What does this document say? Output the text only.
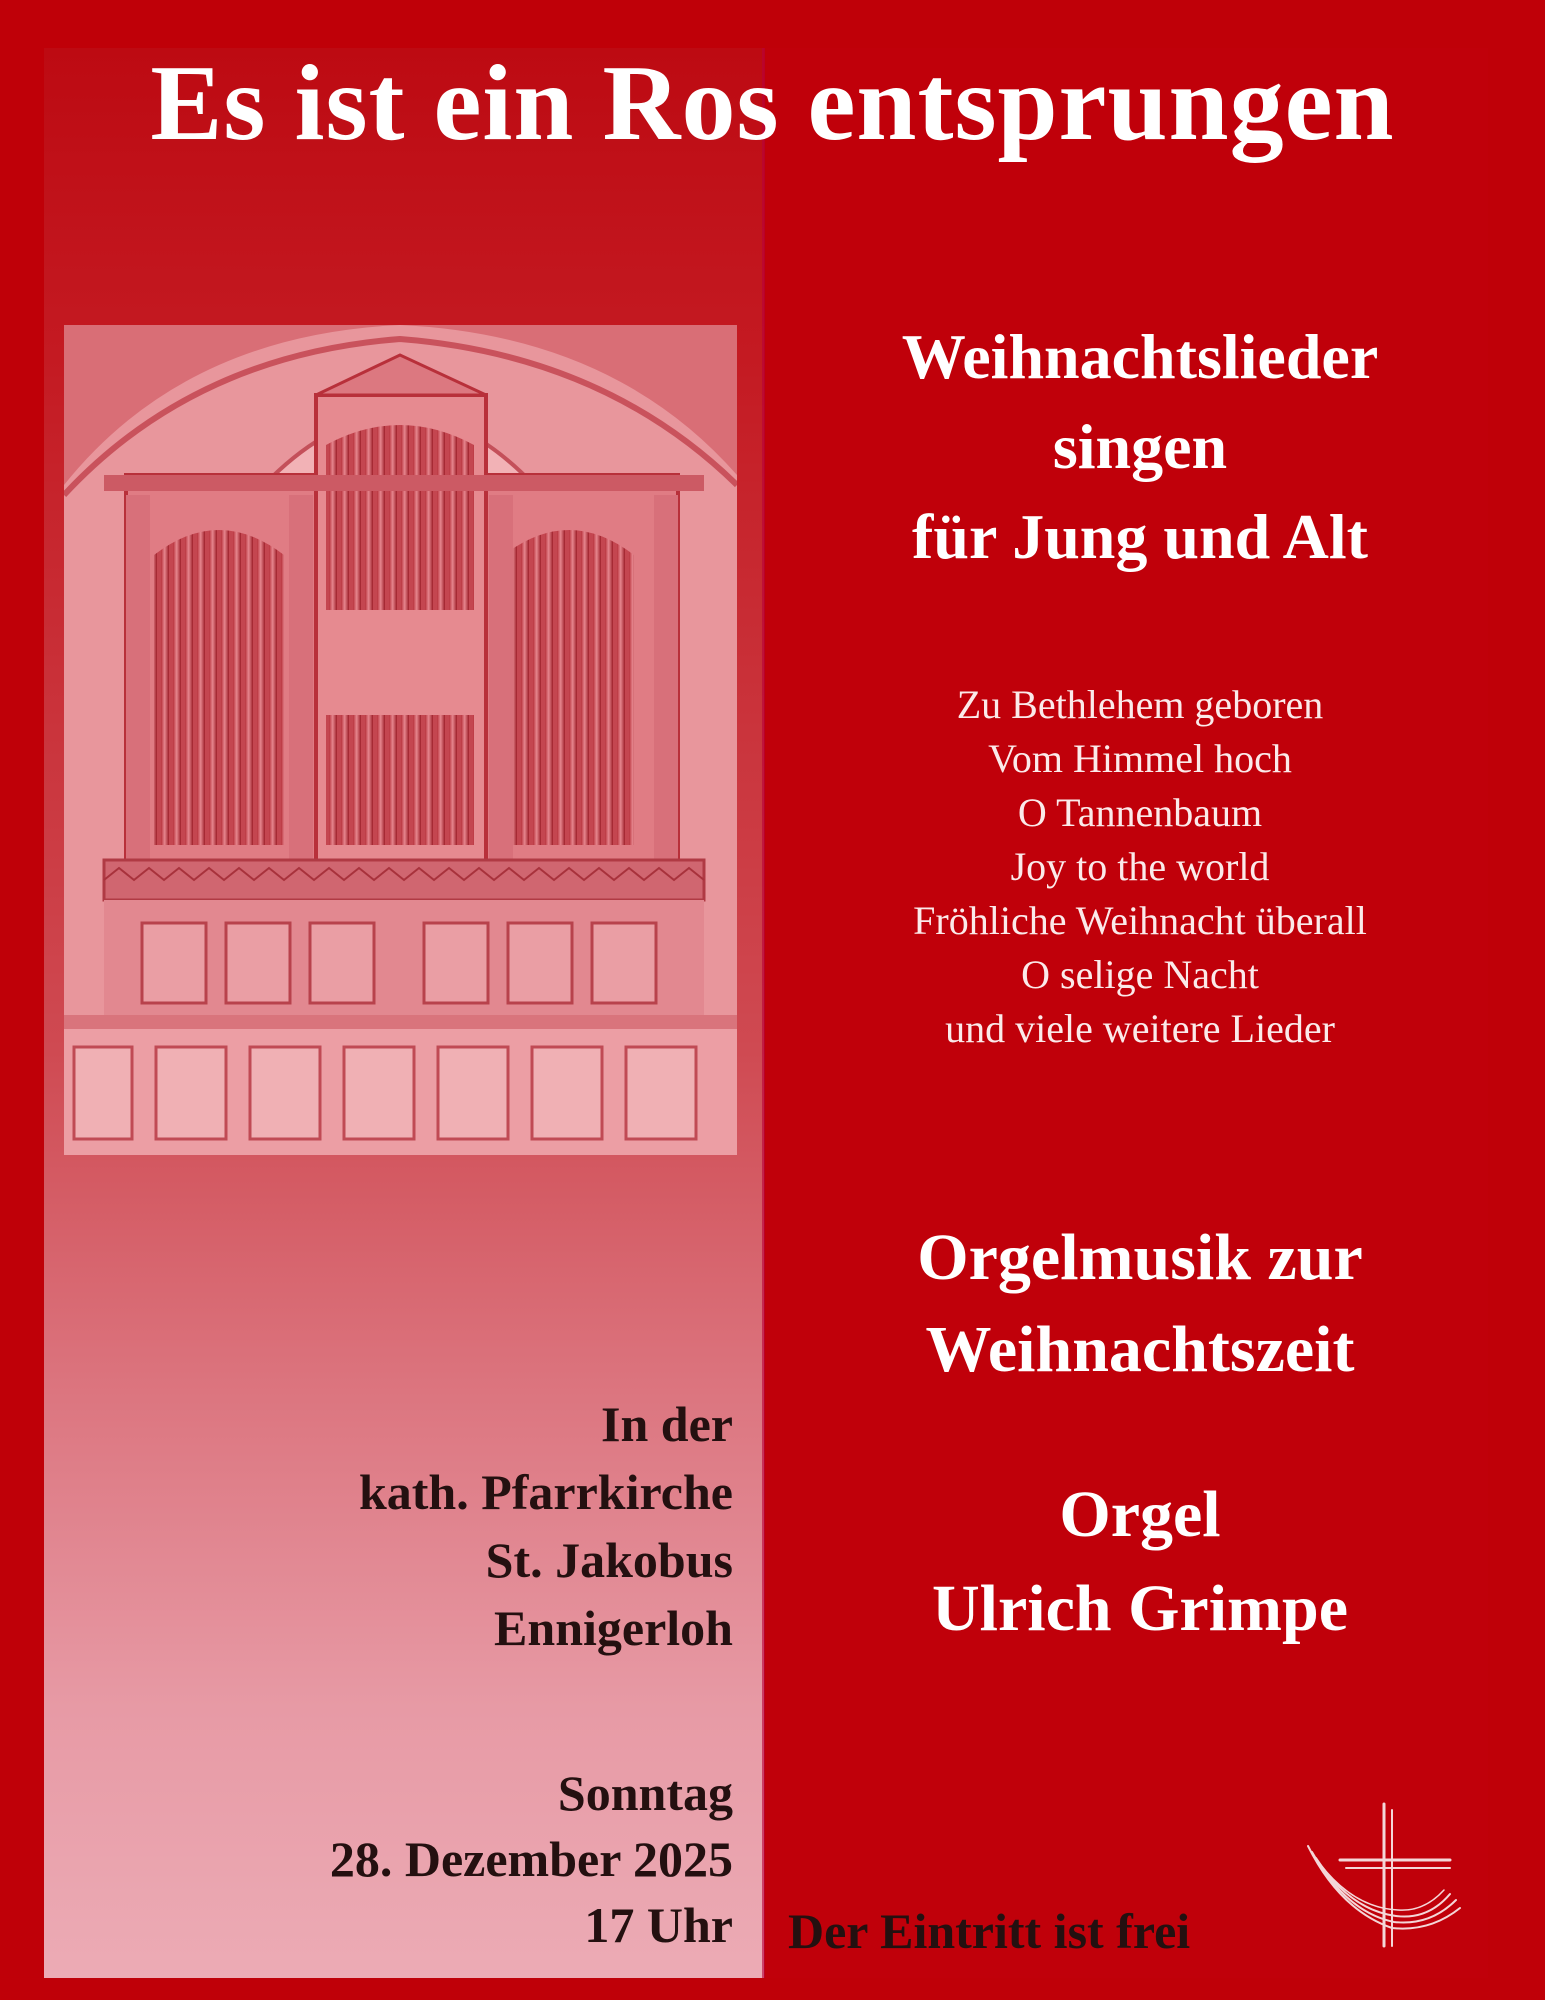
Es ist ein Ros entsprungen
Weihnachtslieder
singen
für Jung und Alt
Zu Bethlehem geboren
Vom Himmel hoch
O Tannenbaum
Joy to the world
Fröhliche Weihnacht überall
O selige Nacht
und viele weitere Lieder
Orgelmusik zur
Weihnachtszeit
Orgel
Ulrich Grimpe
In der
kath. Pfarrkirche
St. Jakobus
Ennigerloh
Sonntag
28. Dezember 2025
17 Uhr Der Eintritt ist frei
